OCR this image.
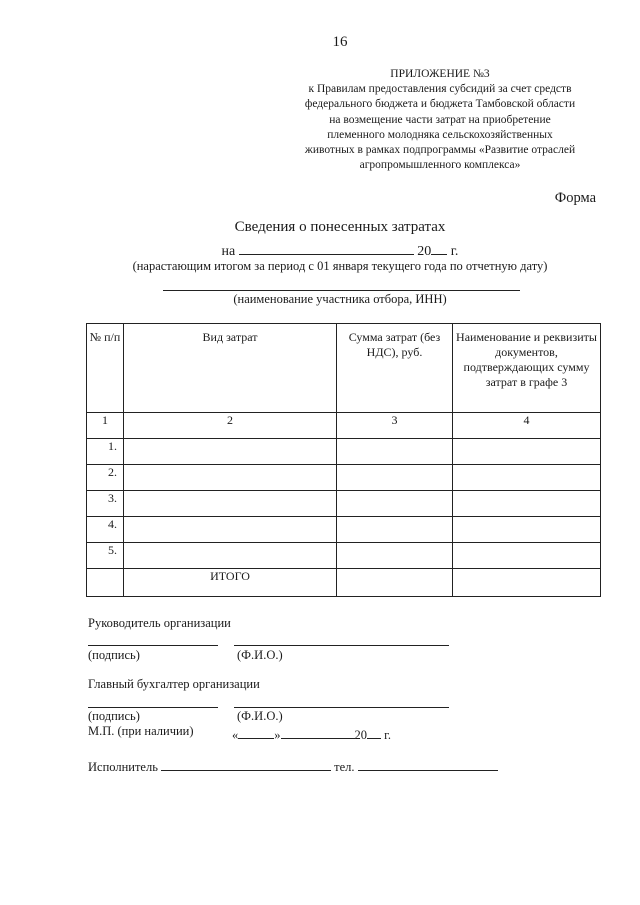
16
ПРИЛОЖЕНИЕ №3
к Правилам предоставления субсидий за счет средств
федерального бюджета и бюджета Тамбовской области
на возмещение части затрат на приобретение
племенного молодняка сельскохозяйственных
животных в рамках подпрограммы «Развитие отраслей
агропромышленного комплекса»
Форма
Сведения о понесенных затратах
на	20 г.
(нарастающим итогом за период с 01 января текущего года по отчетную дату)
(наименование участника отбора, ИНН)
№ п/п	Вид затрат	Сумма затрат (без НДС), руб.	Наименование и реквизиты документов, подтверждающих сумму затрат в графе 3

1	2	3	4
1.			
2.			
3.			
4.			
5.			
	ИТОГО		
Руководитель организации
(подпись)	(Ф.И.О.)
Главный бухгалтер организации
(подпись)	(Ф.И.О.)
М.П. (при наличии)	«	»	20 г.
Исполнитель	тел.
